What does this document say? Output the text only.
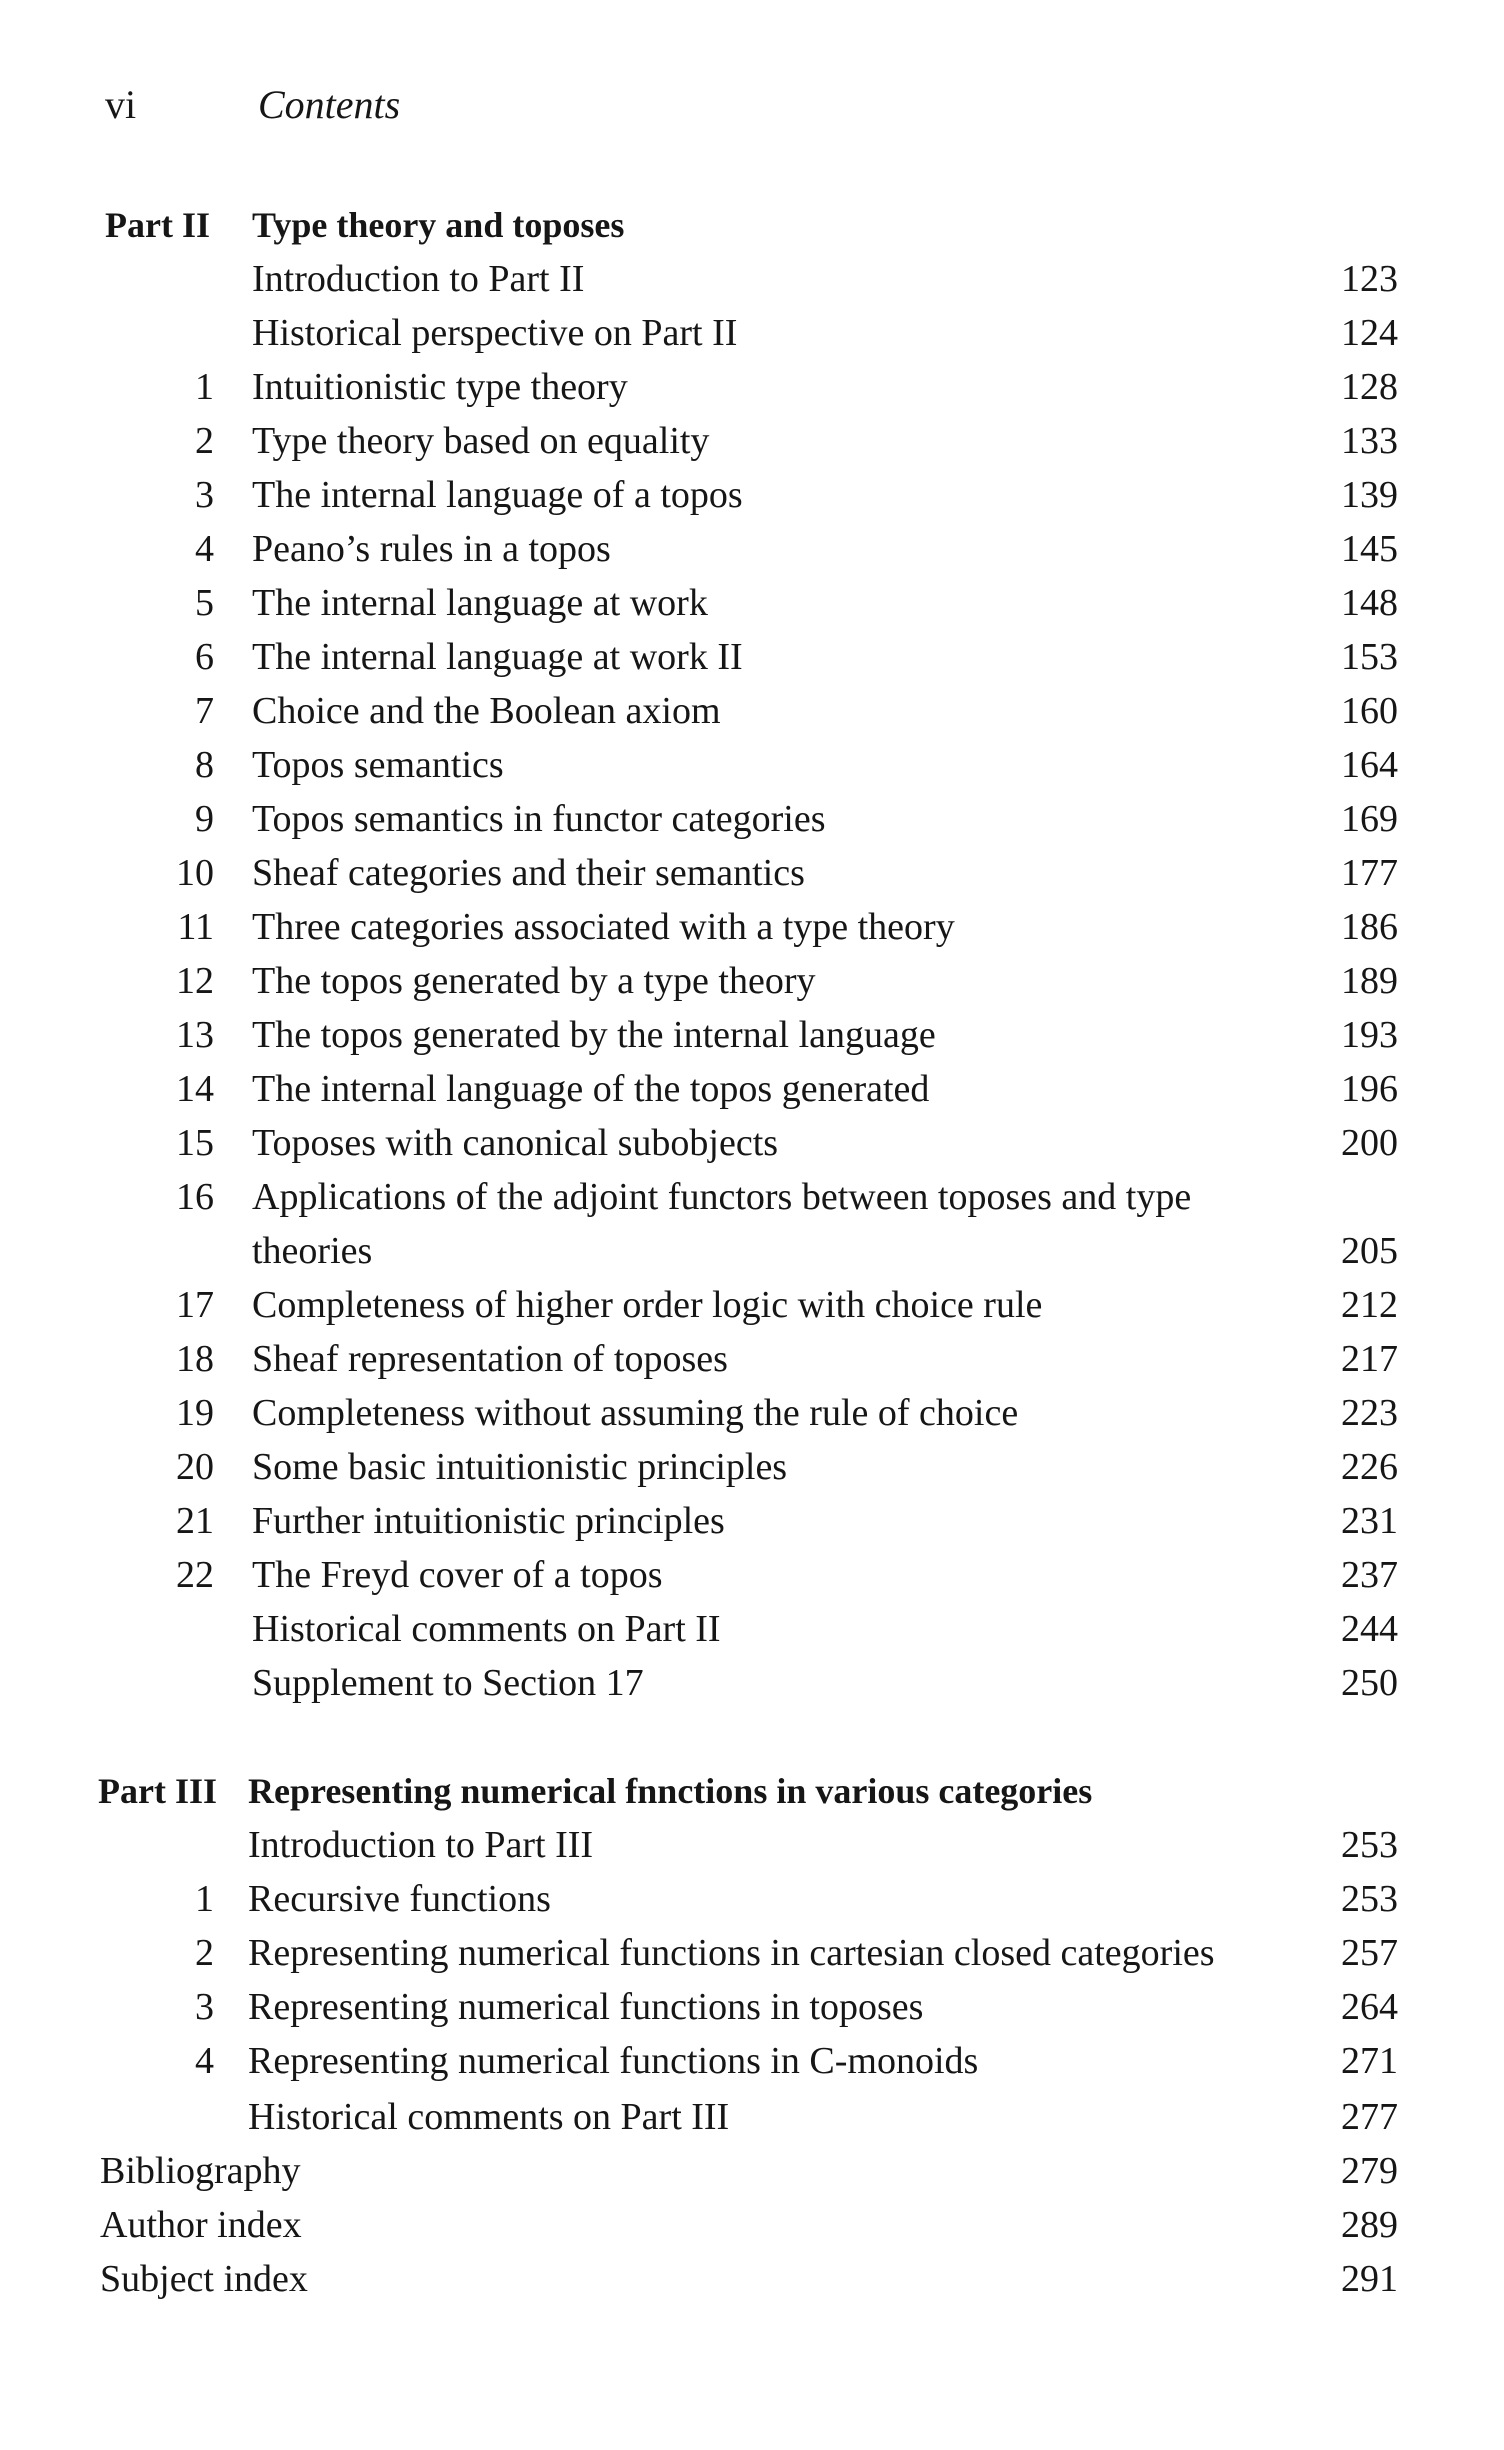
vi	Contents
Part II Type theory and toposes
Introduction to Part II	123
Historical perspective on Part II	124
1 Intuitionistic type theory	128
2 Type theory based on equality	133
3 The internal language of a topos	139
4 Peano’s rules in a topos	145
5 The internal language at work	148
6 The internal language at work II	153
7 Choice and the Boolean axiom	160
8 Topos semantics	164
9 Topos semantics in functor categories	169
10 Sheaf categories and their semantics	177
11 Three categories associated with a type theory	186
12 The topos generated by a type theory	189
13 The topos generated by the internal language	193
14 The internal language of the topos generated	196
15 Toposes with canonical subobjects	200
16 Applications of the adjoint functors between toposes and type
theories	205
17 Completeness of higher order logic with choice rule	212
18 Sheaf representation of toposes	217
19 Completeness without assuming the rule of choice	223
20 Some basic intuitionistic principles	226
21 Further intuitionistic principles	231
22 The Freyd cover of a topos	237
Historical comments on Part II	244
Supplement to Section 17	250
Part III Representing numerical fnnctions in various categories
Introduction to Part III	253
1 Recursive functions	253
2 Representing numerical functions in cartesian closed categories	257
3 Representing numerical functions in toposes	264
4 Representing numerical functions in C-monoids	271
Historical comments on Part III	277
Bibliography	279
Author index	289
Subject index	291
